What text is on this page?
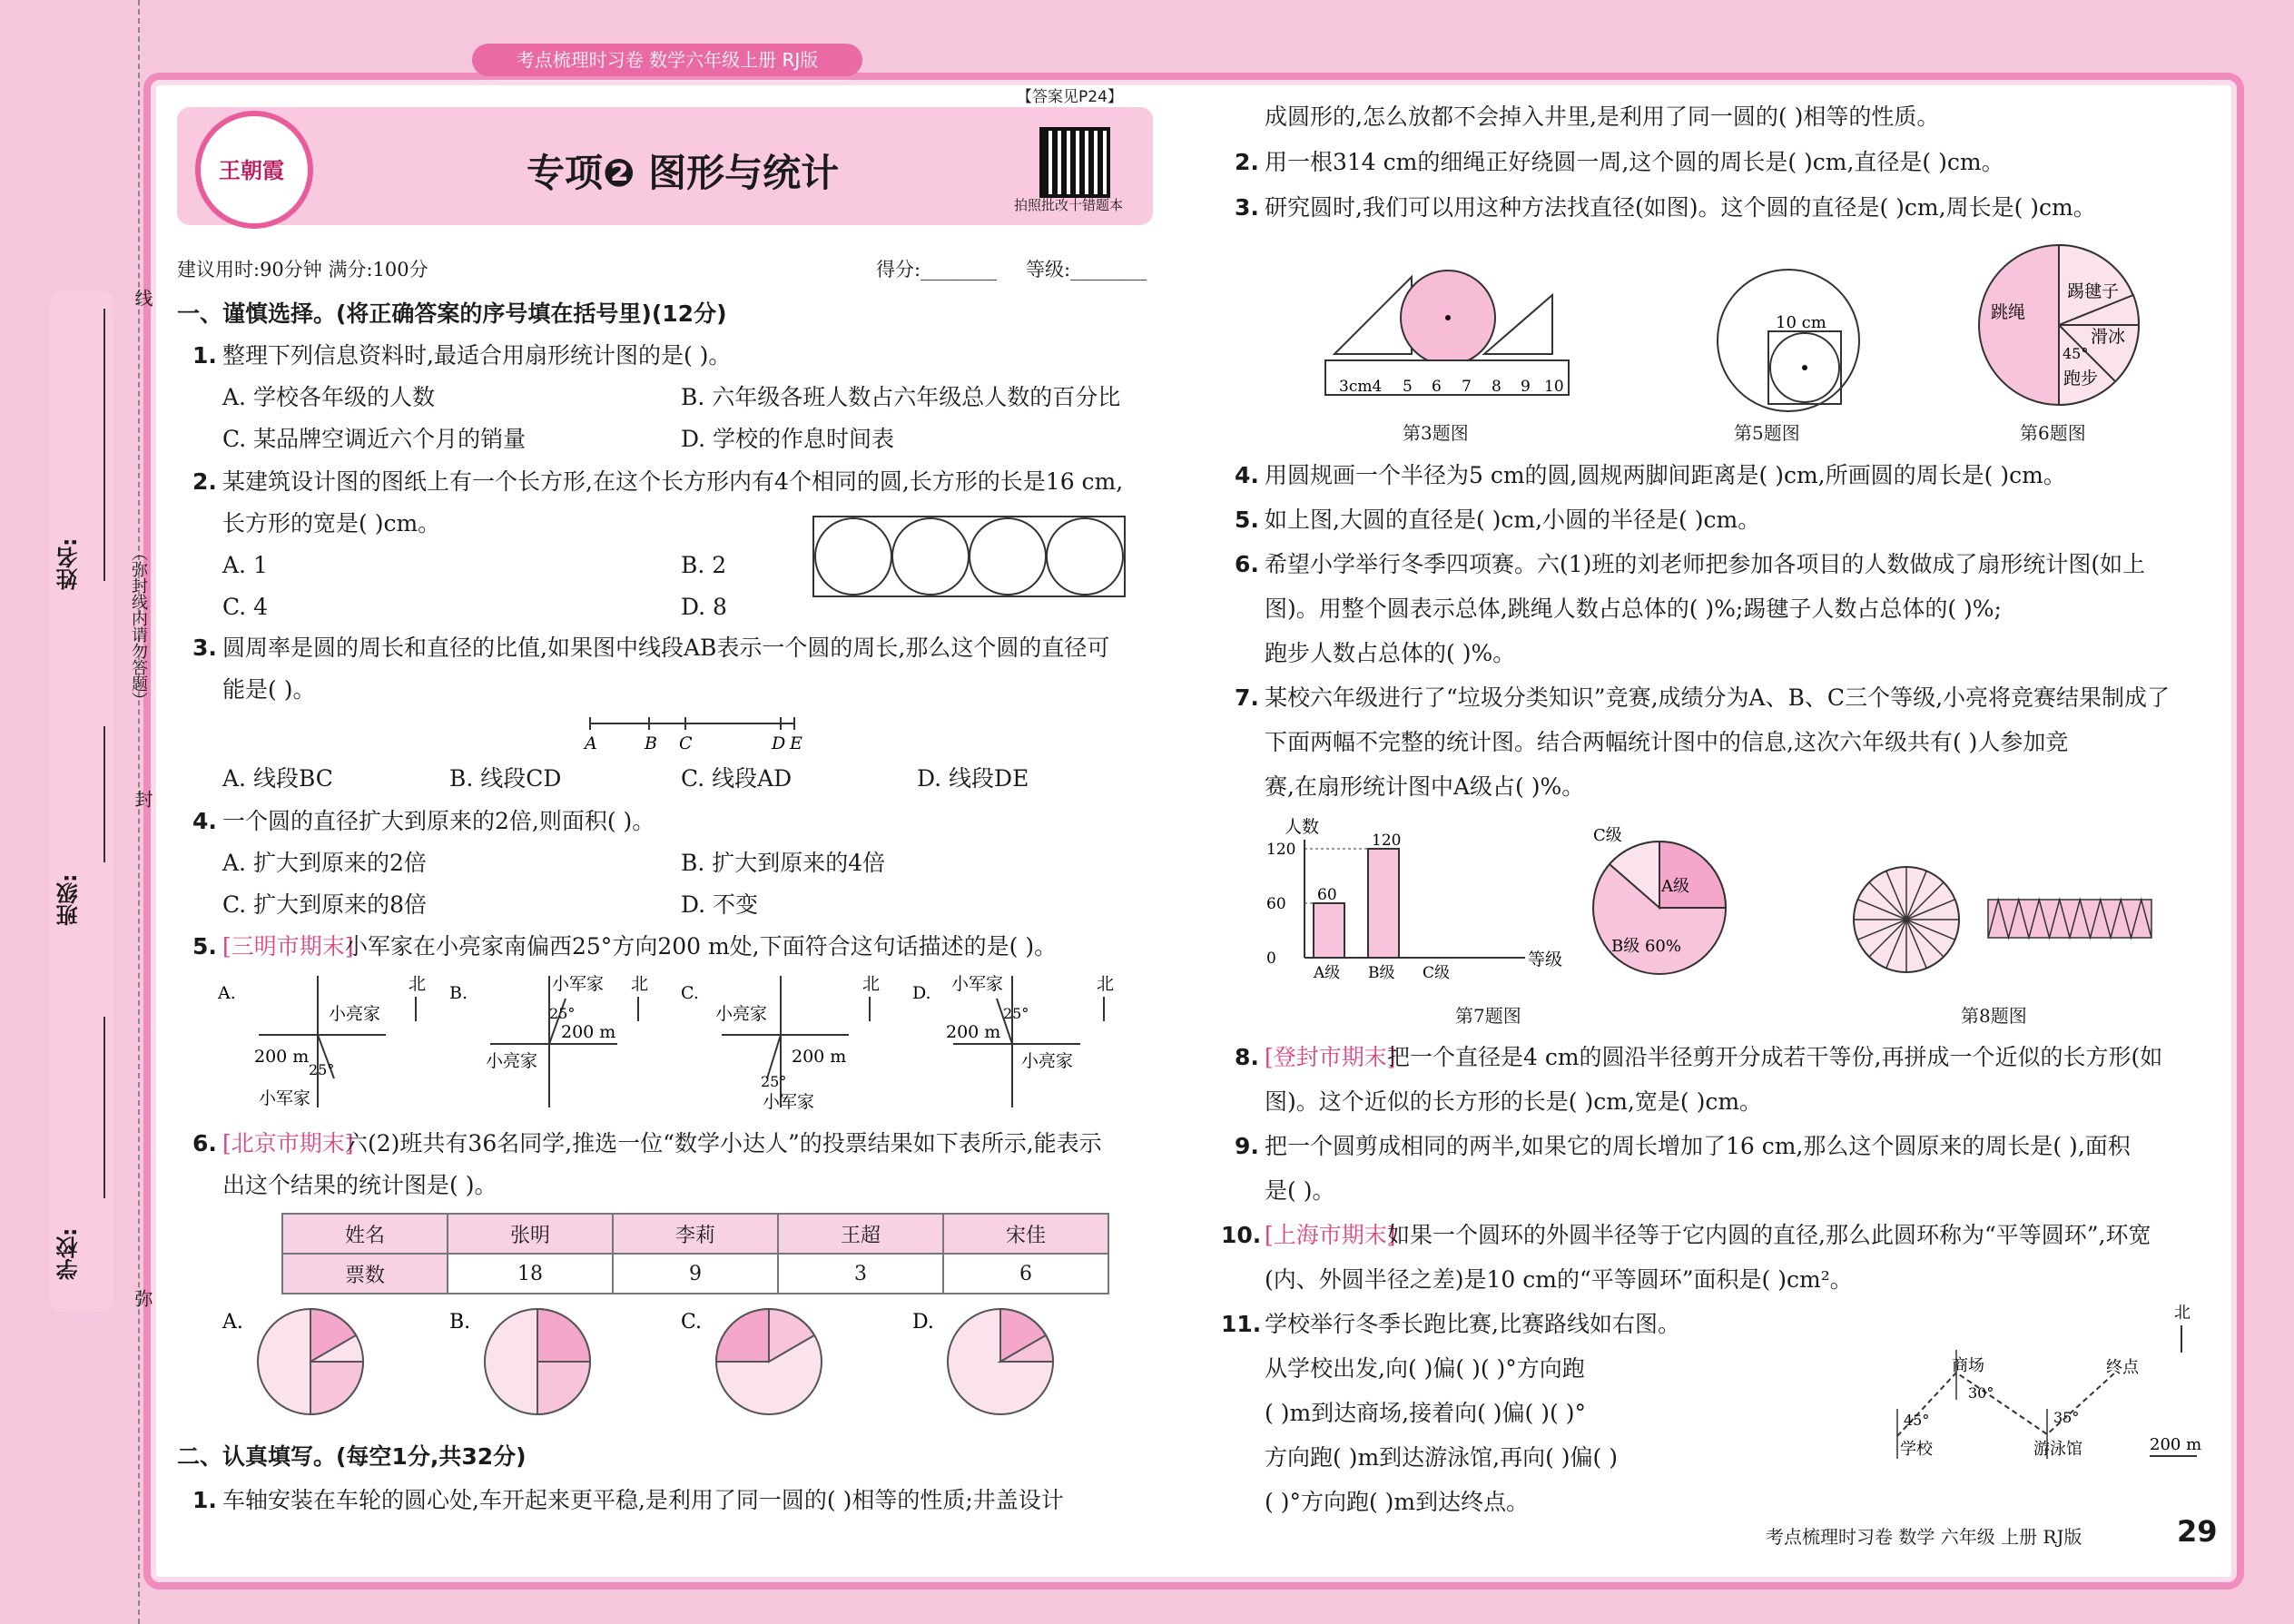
考点梳理时习卷 数学六年级上册 RJ版
姓名:
班级:
学校:
线
（弥封线内请勿答题）
封
弥
王朝霞	专项❷ 图形与统计
【答案见P24】
拍照批改十错题本
建议用时:90分钟 满分:100分	得分:________ 等级:________
一、谨慎选择。(将正确答案的序号填在括号里)(12分)
1. 整理下列信息资料时,最适合用扇形统计图的是( )。
A. 学校各年级的人数	B. 六年级各班人数占六年级总人数的百分比
C. 某品牌空调近六个月的销量	D. 学校的作息时间表
2. 某建筑设计图的图纸上有一个长方形,在这个长方形内有4个相同的圆,长方形的长是16 cm,
长方形的宽是( )cm。
A. 1	B. 2
C. 4	D. 8
3. 圆周率是圆的周长和直径的比值,如果图中线段AB表示一个圆的周长,那么这个圆的直径可
能是( )。
A	B C	D E
A. 线段BC	B. 线段CD	C. 线段AD	D. 线段DE
4. 一个圆的直径扩大到原来的2倍,则面积( )。
A. 扩大到原来的2倍	B. 扩大到原来的4倍
C. 扩大到原来的8倍	D. 不变
5. [三明市期末]
小军家在小亮家南偏西25°方向200 m处,下面符合这句话描述的是( )。
A.
小亮家
200 m
25°
小军家
北 B.	小军家
25°
200 m
小亮家
北 C.
小亮家
200 m
25°
小军家
北 D. 小军家
25°
200 m
小亮家
北
6. [北京市期末]
六(2)班共有36名同学,推选一位“数学小达人”的投票结果如下表所示,能表示
出这个结果的统计图是( )。
姓名	张明	李莉	王超	宋佳
票数	18	9	3	6
A.	B.	C.	D.
二、认真填写。(每空1分,共32分)
1. 车轴安装在车轮的圆心处,车开起来更平稳,是利用了同一圆的( )相等的性质;井盖设计
成圆形的,怎么放都不会掉入井里,是利用了同一圆的( )相等的性质。
2. 用一根314 cm的细绳正好绕圆一周,这个圆的周长是( )cm,直径是( )cm。
3. 研究圆时,我们可以用这种方法找直径(如图)。这个圆的直径是( )cm,周长是( )cm。
3cm4 5 6 7 8 9 10
第3题图
10 cm
第5题图
跳绳
踢毽子
滑冰
45°
跑步
第6题图
4. 用圆规画一个半径为5 cm的圆,圆规两脚间距离是( )cm,所画圆的周长是( )cm。
5. 如上图,大圆的直径是( )cm,小圆的半径是( )cm。
6. 希望小学举行冬季四项赛。六(1)班的刘老师把参加各项目的人数做成了扇形统计图(如上
图)。用整个圆表示总体,跳绳人数占总体的( )%;踢毽子人数占总体的( )%;
跑步人数占总体的( )%。
7. 某校六年级进行了“垃圾分类知识”竞赛,成绩分为A、B、C三个等级,小亮将竞赛结果制成了
下面两幅不完整的统计图。结合两幅统计图中的信息,这次六年级共有( )人参加竞
赛,在扇形统计图中A级占( )%。
人数
等级
0
60
120
60
A级
120
B级 C级
第7题图
C级
A级
B级 60%
第8题图
8. [登封市期末]
把一个直径是4 cm的圆沿半径剪开分成若干等份,再拼成一个近似的长方形(如
图)。这个近似的长方形的长是( )cm,宽是( )cm。
9. 把一个圆剪成相同的两半,如果它的周长增加了16 cm,那么这个圆原来的周长是( ),面积
是( )。
10. [上海市期末]
如果一个圆环的外圆半径等于它内圆的直径,那么此圆环称为“平等圆环”,环宽
(内、外圆半径之差)是10 cm的“平等圆环”面积是( )cm²。
11. 学校举行冬季长跑比赛,比赛路线如右图。
从学校出发,向( )偏( )( )°方向跑
( )m到达商场,接着向( )偏( )( )°
方向跑( )m到达游泳馆,再向( )偏( )
( )°方向跑( )m到达终点。
北
商场	终点
学校	游泳馆
30°
45°	35°
200 m
考点梳理时习卷 数学 六年级 上册 RJ版	29
